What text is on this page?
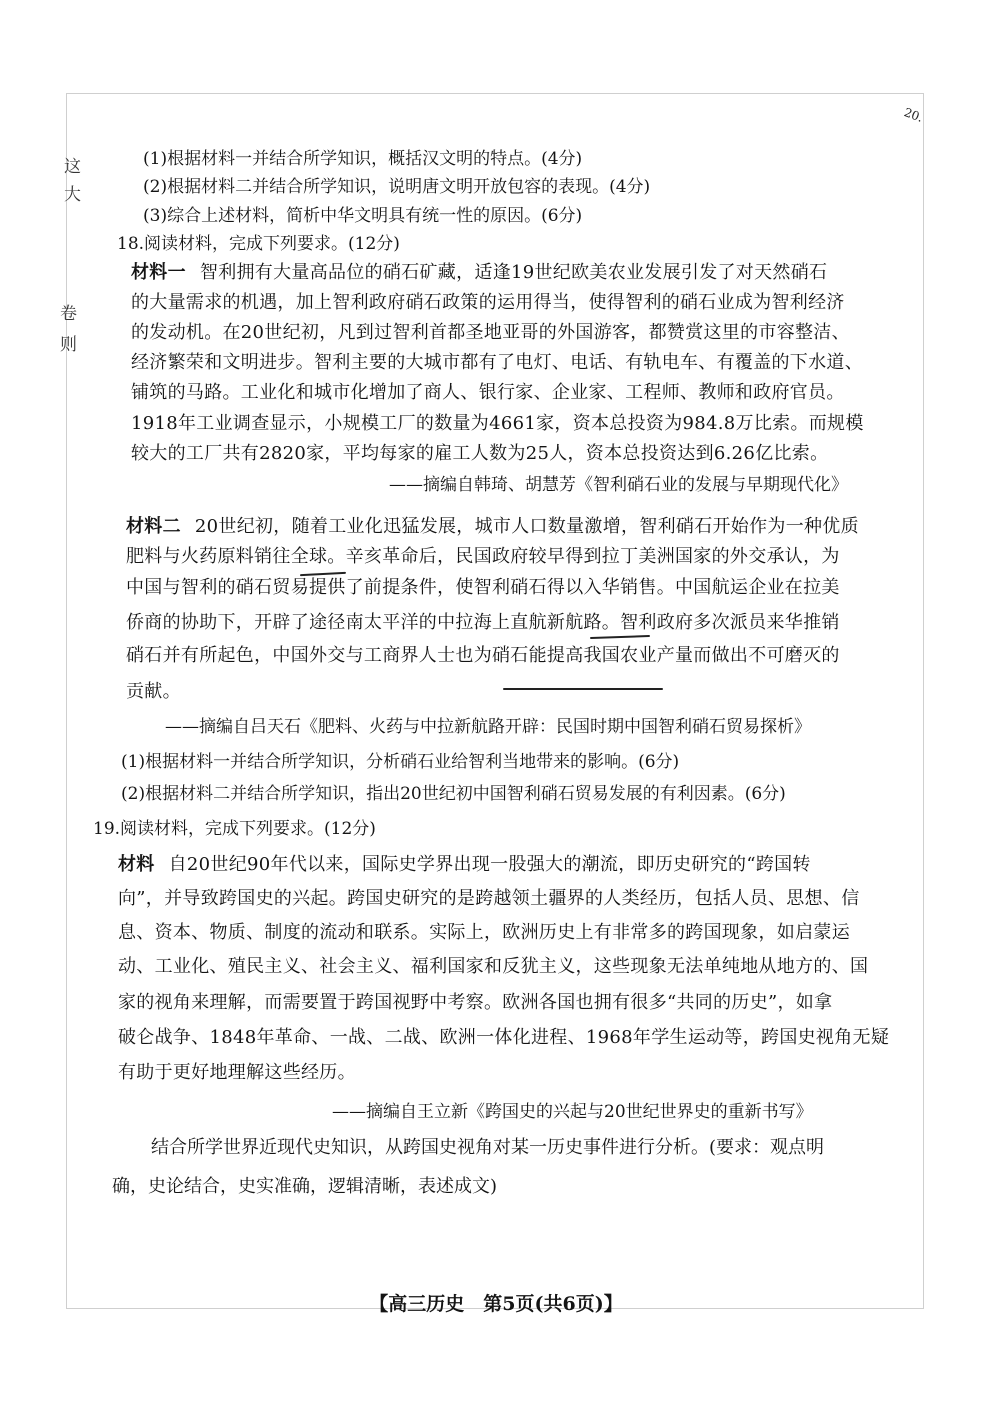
这
大
卷
则
20.
(1)根据材料一并结合所学知识，概括汉文明的特点。(4分)
(2)根据材料二并结合所学知识，说明唐文明开放包容的表现。(4分)
(3)综合上述材料，简析中华文明具有统一性的原因。(6分)
18.阅读材料，完成下列要求。(12分)
材料一 智利拥有大量高品位的硝石矿藏，适逢19世纪欧美农业发展引发了对天然硝石
的大量需求的机遇，加上智利政府硝石政策的运用得当，使得智利的硝石业成为智利经济
的发动机。在20世纪初，凡到过智利首都圣地亚哥的外国游客，都赞赏这里的市容整洁、
经济繁荣和文明进步。智利主要的大城市都有了电灯、电话、有轨电车、有覆盖的下水道、
铺筑的马路。工业化和城市化增加了商人、银行家、企业家、工程师、教师和政府官员。
1918年工业调查显示，小规模工厂的数量为4661家，资本总投资为984.8万比索。而规模
较大的工厂共有2820家，平均每家的雇工人数为25人，资本总投资达到6.26亿比索。
——摘编自韩琦、胡慧芳《智利硝石业的发展与早期现代化》
材料二 20世纪初，随着工业化迅猛发展，城市人口数量激增，智利硝石开始作为一种优质
肥料与火药原料销往全球。辛亥革命后，民国政府较早得到拉丁美洲国家的外交承认，为
中国与智利的硝石贸易提供了前提条件，使智利硝石得以入华销售。中国航运企业在拉美
侨商的协助下，开辟了途径南太平洋的中拉海上直航新航路。智利政府多次派员来华推销
硝石并有所起色，中国外交与工商界人士也为硝石能提高我国农业产量而做出不可磨灭的
贡献。
——摘编自吕天石《肥料、火药与中拉新航路开辟：民国时期中国智利硝石贸易探析》
(1)根据材料一并结合所学知识，分析硝石业给智利当地带来的影响。(6分)
(2)根据材料二并结合所学知识，指出20世纪初中国智利硝石贸易发展的有利因素。(6分)
19.阅读材料，完成下列要求。(12分)
材料 自20世纪90年代以来，国际史学界出现一股强大的潮流，即历史研究的“跨国转
向”，并导致跨国史的兴起。跨国史研究的是跨越领土疆界的人类经历，包括人员、思想、信
息、资本、物质、制度的流动和联系。实际上，欧洲历史上有非常多的跨国现象，如启蒙运
动、工业化、殖民主义、社会主义、福利国家和反犹主义，这些现象无法单纯地从地方的、国
家的视角来理解，而需要置于跨国视野中考察。欧洲各国也拥有很多“共同的历史”，如拿
破仑战争、1848年革命、一战、二战、欧洲一体化进程、1968年学生运动等，跨国史视角无疑
有助于更好地理解这些经历。
——摘编自王立新《跨国史的兴起与20世纪世界史的重新书写》
结合所学世界近现代史知识，从跨国史视角对某一历史事件进行分析。(要求：观点明
确，史论结合，史实准确，逻辑清晰，表述成文)
【高三历史　第5页(共6页)】
